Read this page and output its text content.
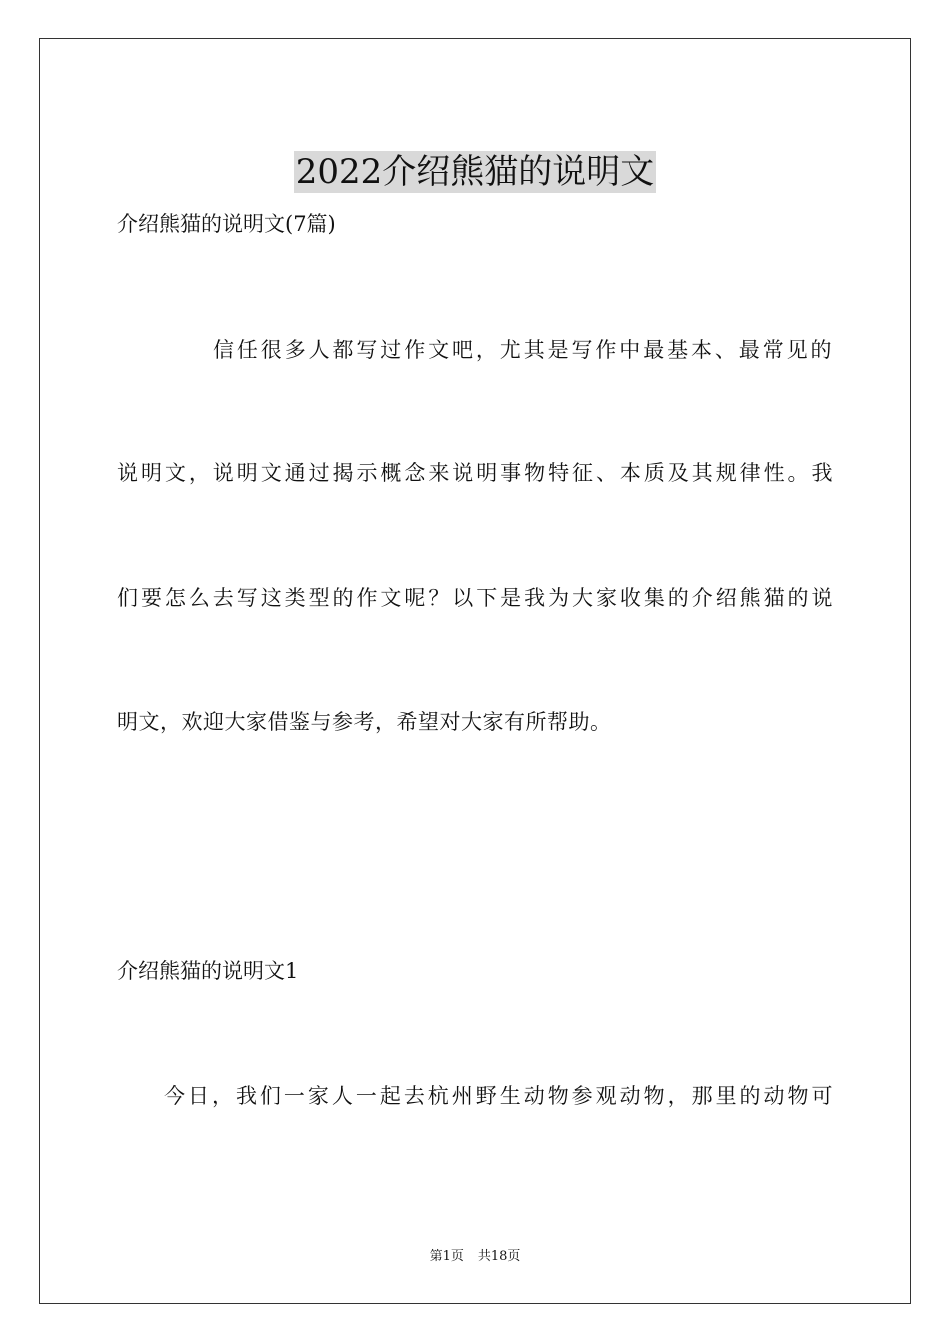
2022介绍熊猫的说明文
介绍熊猫的说明文(7篇)
信任很多人都写过作文吧，尤其是写作中最基本、最常见的
说明文，说明文通过揭示概念来说明事物特征、本质及其规律性。我
们要怎么去写这类型的作文呢？以下是我为大家收集的介绍熊猫的说
明文，欢迎大家借鉴与参考，希望对大家有所帮助。
介绍熊猫的说明文1
今日，我们一家人一起去杭州野生动物参观动物，那里的动物可
第1页 共18页
